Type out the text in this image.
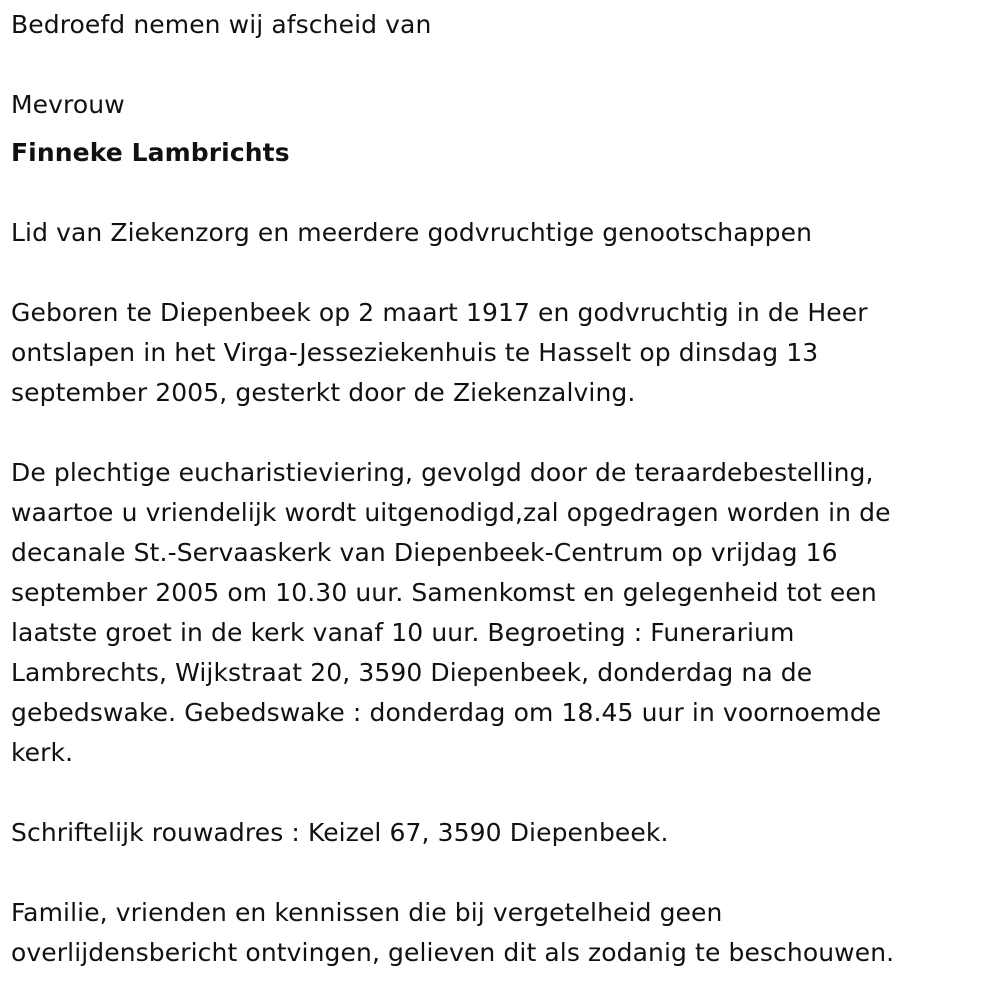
Bedroefd nemen wij afscheid van

Mevrouw

Finneke Lambrichts

Lid van Ziekenzorg en meerdere godvruchtige genootschappen

Geboren te Diepenbeek op 2 maart 1917 en godvruchtig in de Heer

ontslapen in het Virga-Jesseziekenhuis te Hasselt op dinsdag 13

september 2005, gesterkt door de Ziekenzalving.

De plechtige eucharistieviering, gevolgd door de teraardebestelling,

waartoe u vriendelijk wordt uitgenodigd,zal opgedragen worden in de

decanale St.-Servaaskerk van Diepenbeek-Centrum op vrijdag 16

september 2005 om 10.30 uur. Samenkomst en gelegenheid tot een

laatste groet in de kerk vanaf 10 uur. Begroeting : Funerarium

Lambrechts, Wijkstraat 20, 3590 Diepenbeek, donderdag na de

gebedswake. Gebedswake : donderdag om 18.45 uur in voornoemde

kerk.

Schriftelijk rouwadres : Keizel 67, 3590 Diepenbeek.

Familie, vrienden en kennissen die bij vergetelheid geen

overlijdensbericht ontvingen, gelieven dit als zodanig te beschouwen.
